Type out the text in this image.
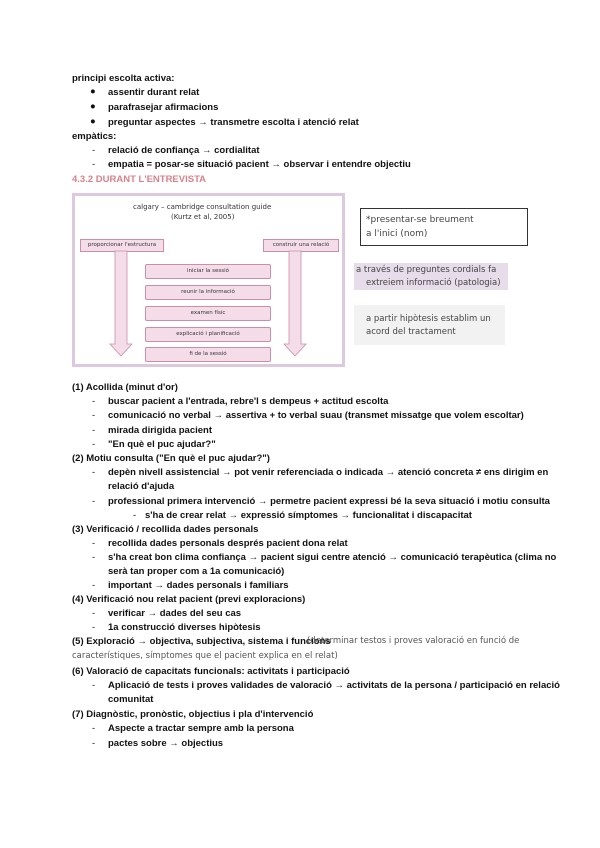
principi escolta activa:
● assentir durant relat
● parafrasejar afirmacions
● preguntar aspectes → transmetre escolta i atenció relat
empàtics:
- relació de confiança → cordialitat
- empatia = posar-se situació pacient → observar i entendre objectiu
4.3.2 DURANT L'ENTREVISTA
calgary – cambridge consultation guide
(Kurtz et al, 2005)
proporcionar l'estructura	construir una relació
iniciar la sessió
reunir la informació
examen físic
explicació i planificació
fi de la sessió
*presentar-se breument
a l'inici (nom)
a través de preguntes cordials fa
extreiem informació (patologia)
a partir hipòtesis establim un
acord del tractament
(1) Acollida (minut d'or)
- buscar pacient a l'entrada, rebre'l s dempeus + actitud escolta
- comunicació no verbal → assertiva + to verbal suau (transmet missatge que volem escoltar)
- mirada dirigida pacient
- "En què el puc ajudar?"
(2) Motiu consulta ("En què el puc ajudar?")
- depèn nivell assistencial → pot venir referenciada o indicada → atenció concreta ≠ ens dirigim en
relació d'ajuda
- professional primera intervenció → permetre pacient expressi bé la seva situació i motiu consulta
- s'ha de crear relat → expressió símptomes → funcionalitat i discapacitat
(3) Verificació / recollida dades personals
- recollida dades personals després pacient dona relat
- s'ha creat bon clima confiança → pacient sigui centre atenció → comunicació terapèutica (clima no
serà tan proper com a 1a comunicació)
- important → dades personals i familiars
(4) Verificació nou relat pacient (previ exploracions)
- verificar → dades del seu cas
- 1a construcció diverses hipòtesis
(5) Exploració → objectiva, subjectiva, sistema i funcions
(determinar testos i proves valoració en funció de
característiques, símptomes que el pacient explica en el relat)
(6) Valoració de capacitats funcionals: activitats i participació
- Aplicació de tests i proves validades de valoració → activitats de la persona / participació en relació
comunitat
(7) Diagnòstic, pronòstic, objectius i pla d'intervenció
- Aspecte a tractar sempre amb la persona
- pactes sobre → objectius
